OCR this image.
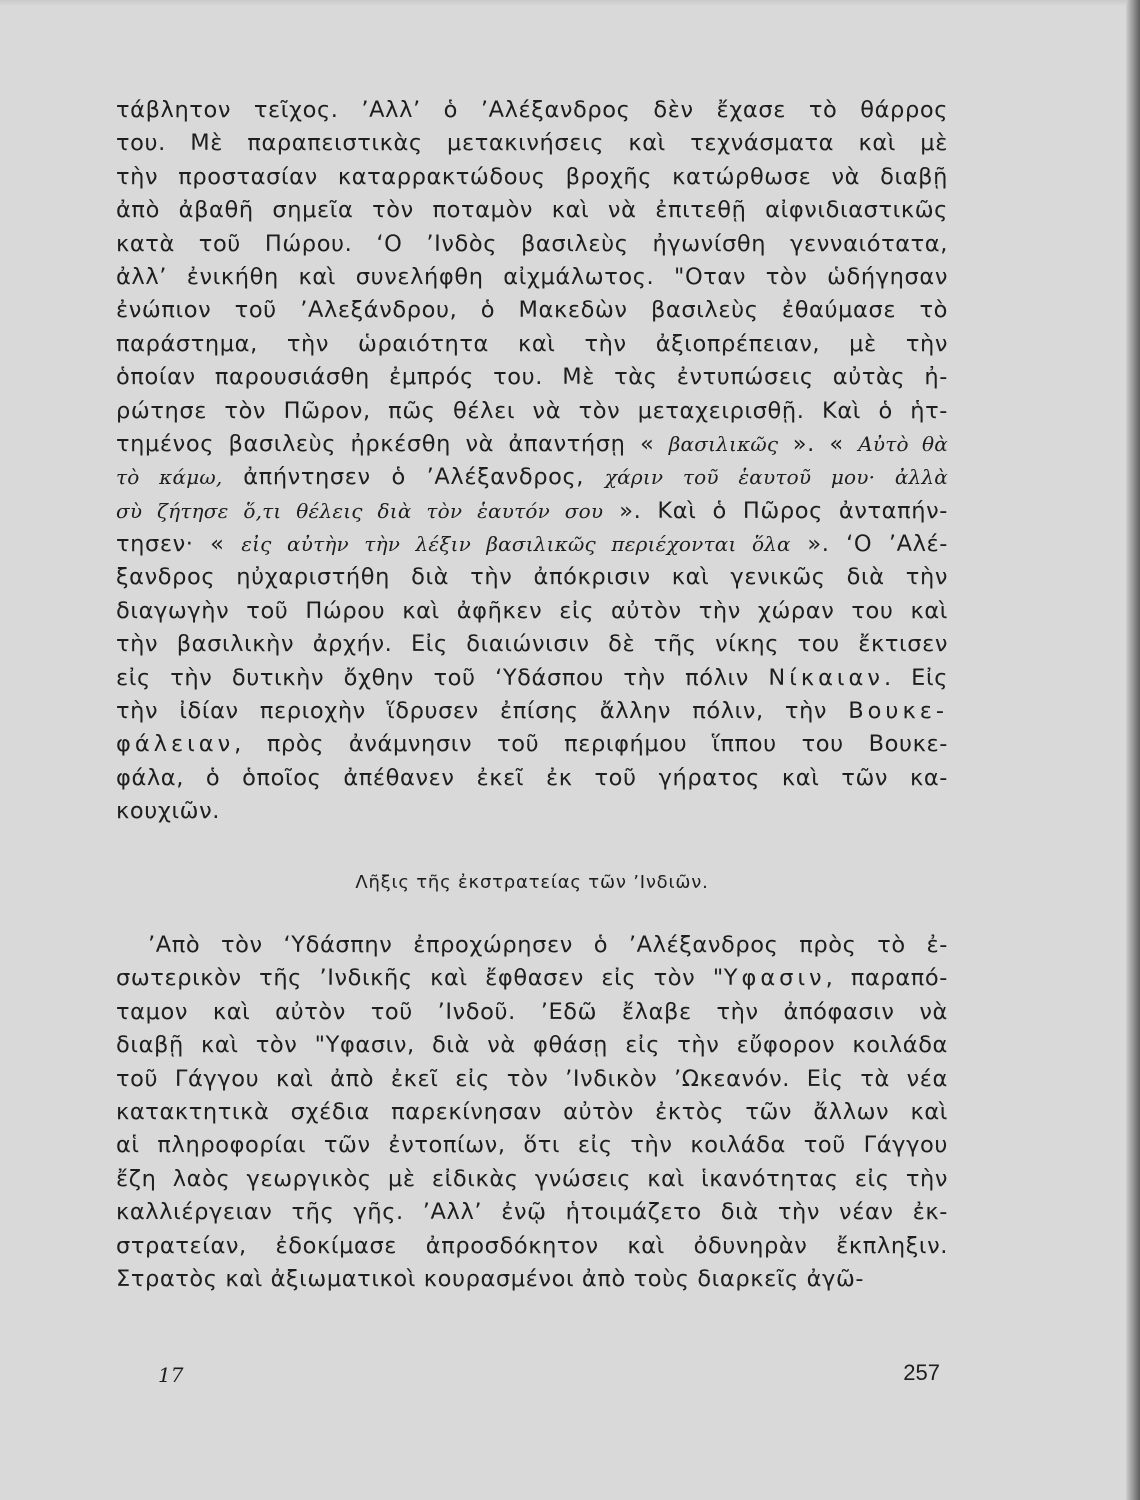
τάβλητον τεῖχος. ’Αλλ’ ὁ ’Αλέξανδρος δὲν ἔχασε τὸ θάρρος
του. Μὲ παραπειστικὰς μετακινήσεις καὶ τεχνάσματα καὶ μὲ
τὴν προστασίαν καταρρακτώδους βροχῆς κατώρθωσε νὰ διαβῇ
ἀπὸ ἀβαθῆ σημεῖα τὸν ποταμὸν καὶ νὰ ἐπιτεθῇ αἰφνιδιαστικῶς
κατὰ τοῦ Πώρου. ‘Ο ’Ινδὸς βασιλεὺς ἠγωνίσθη γενναιότατα,
ἀλλ’ ἐνικήθη καὶ συνελήφθη αἰχμάλωτος. "Οταν τὸν ὡδήγησαν
ἐνώπιον τοῦ ’Αλεξάνδρου, ὁ Μακεδὼν βασιλεὺς ἐθαύμασε τὸ
παράστημα, τὴν ὡραιότητα καὶ τὴν ἀξιοπρέπειαν, μὲ τὴν
ὁποίαν παρουσιάσθη ἐμπρός του. Μὲ τὰς ἐντυπώσεις αὐτὰς ἠ-
ρώτησε τὸν Πῶρον, πῶς θέλει νὰ τὸν μεταχειρισθῇ. Καὶ ὁ ἡτ-
τημένος βασιλεὺς ἠρκέσθη νὰ ἀπαντήσῃ « βασιλικῶς ». « Αὐτὸ θὰ
τὸ κάμω, ἀπήντησεν ὁ ’Αλέξανδρος, χάριν τοῦ ἑαυτοῦ μου· ἀλλὰ
σὺ ζήτησε ὅ,τι θέλεις διὰ τὸν ἑαυτόν σου ». Καὶ ὁ Πῶρος ἀνταπήν-
τησεν· « εἰς αὐτὴν τὴν λέξιν βασιλικῶς περιέχονται ὅλα ». ‘Ο ’Αλέ-
ξανδρος ηὐχαριστήθη διὰ τὴν ἀπόκρισιν καὶ γενικῶς διὰ τὴν
διαγωγὴν τοῦ Πώρου καὶ ἀφῆκεν εἰς αὐτὸν τὴν χώραν του καὶ
τὴν βασιλικὴν ἀρχήν. Εἰς διαιώνισιν δὲ τῆς νίκης του ἔκτισεν
εἰς τὴν δυτικὴν ὄχθην τοῦ ‘Υδάσπου τὴν πόλιν Νίκαιαν. Εἰς
τὴν ἰδίαν περιοχὴν ἵδρυσεν ἐπίσης ἄλλην πόλιν, τὴν Βουκε-
φάλειαν, πρὸς ἀνάμνησιν τοῦ περιφήμου ἵππου του Βουκε-
φάλα, ὁ ὁποῖος ἀπέθανεν ἐκεῖ ἐκ τοῦ γήρατος καὶ τῶν κα-
κουχιῶν.
Λῆξις τῆς ἐκστρατείας τῶν ’Ινδιῶν.
’Απὸ τὸν ‘Υδάσπην ἐπροχώρησεν ὁ ’Αλέξανδρος πρὸς τὸ ἐ-
σωτερικὸν τῆς ’Ινδικῆς καὶ ἔφθασεν εἰς τὸν "Υφασιν, παραπό-
ταμον καὶ αὐτὸν τοῦ ’Ινδοῦ. ’Εδῶ ἔλαβε τὴν ἀπόφασιν νὰ
διαβῇ καὶ τὸν "Υφασιν, διὰ νὰ φθάσῃ εἰς τὴν εὔφορον κοιλάδα
τοῦ Γάγγου καὶ ἀπὸ ἐκεῖ εἰς τὸν ’Ινδικὸν ’Ωκεανόν. Εἰς τὰ νέα
κατακτητικὰ σχέδια παρεκίνησαν αὐτὸν ἐκτὸς τῶν ἄλλων καὶ
αἱ πληροφορίαι τῶν ἐντοπίων, ὅτι εἰς τὴν κοιλάδα τοῦ Γάγγου
ἔζη λαὸς γεωργικὸς μὲ εἰδικὰς γνώσεις καὶ ἱκανότητας εἰς τὴν
καλλιέργειαν τῆς γῆς. ’Αλλ’ ἐνῷ ἡτοιμάζετο διὰ τὴν νέαν ἐκ-
στρατείαν, ἐδοκίμασε ἀπροσδόκητον καὶ ὀδυνηρὰν ἔκπληξιν.
Στρατὸς καὶ ἀξιωματικοὶ κουρασμένοι ἀπὸ τοὺς διαρκεῖς ἀγῶ-
17	257
